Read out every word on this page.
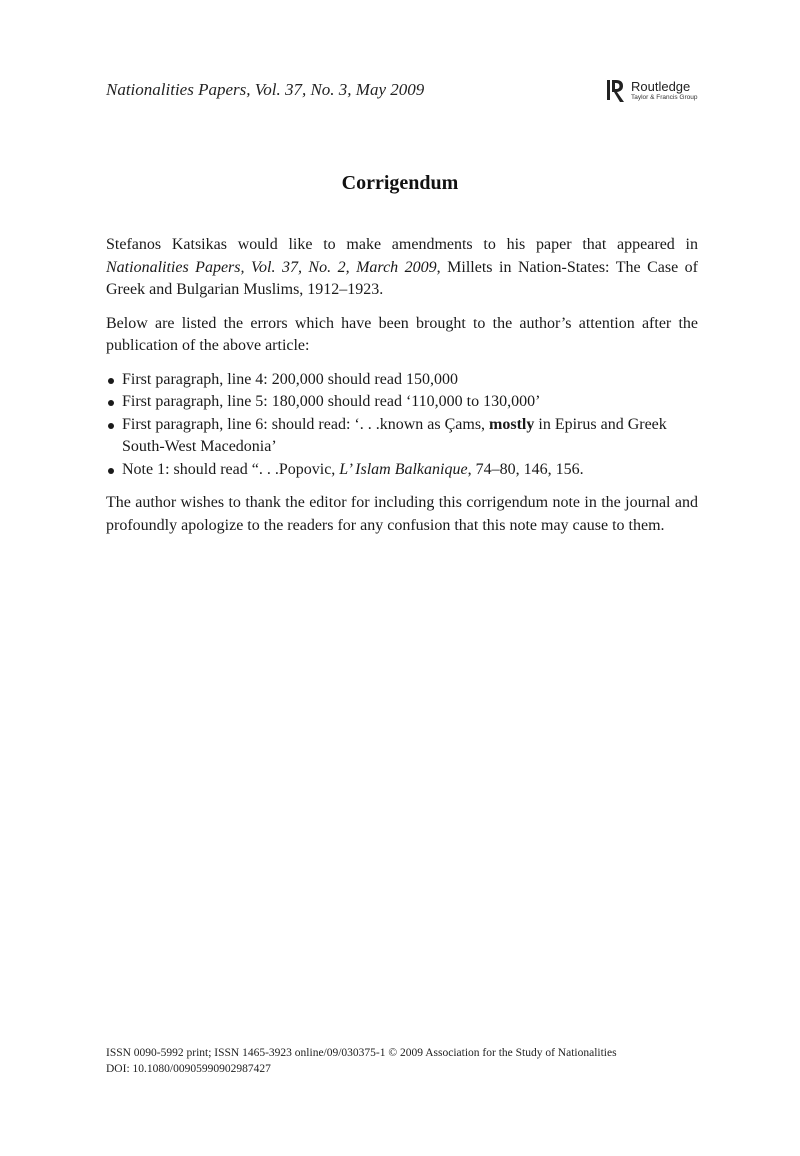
Nationalities Papers, Vol. 37, No. 3, May 2009	Routledge
Taylor & Francis Group
Corrigendum

Stefanos Katsikas would like to make amendments to his paper that appeared in Nationalities Papers, Vol. 37, No. 2, March 2009, Millets in Nation-States: The Case of Greek and Bulgarian Muslims, 1912–1923.

Below are listed the errors which have been brought to the author’s attention after the publication of the above article:

First paragraph, line 4: 200,000 should read 150,000
First paragraph, line 5: 180,000 should read ‘110,000 to 130,000’
First paragraph, line 6: should read: ‘. . .known as Çams, mostly in Epirus and Greek South-West Macedonia’
Note 1: should read “. . .Popovic, L’ Islam Balkanique, 74–80, 146, 156.

The author wishes to thank the editor for including this corrigendum note in the journal and profoundly apologize to the readers for any confusion that this note may cause to them.

ISSN 0090-5992 print; ISSN 1465-3923 online/09/030375-1 © 2009 Association for the Study of Nationalities
DOI: 10.1080/00905990902987427
